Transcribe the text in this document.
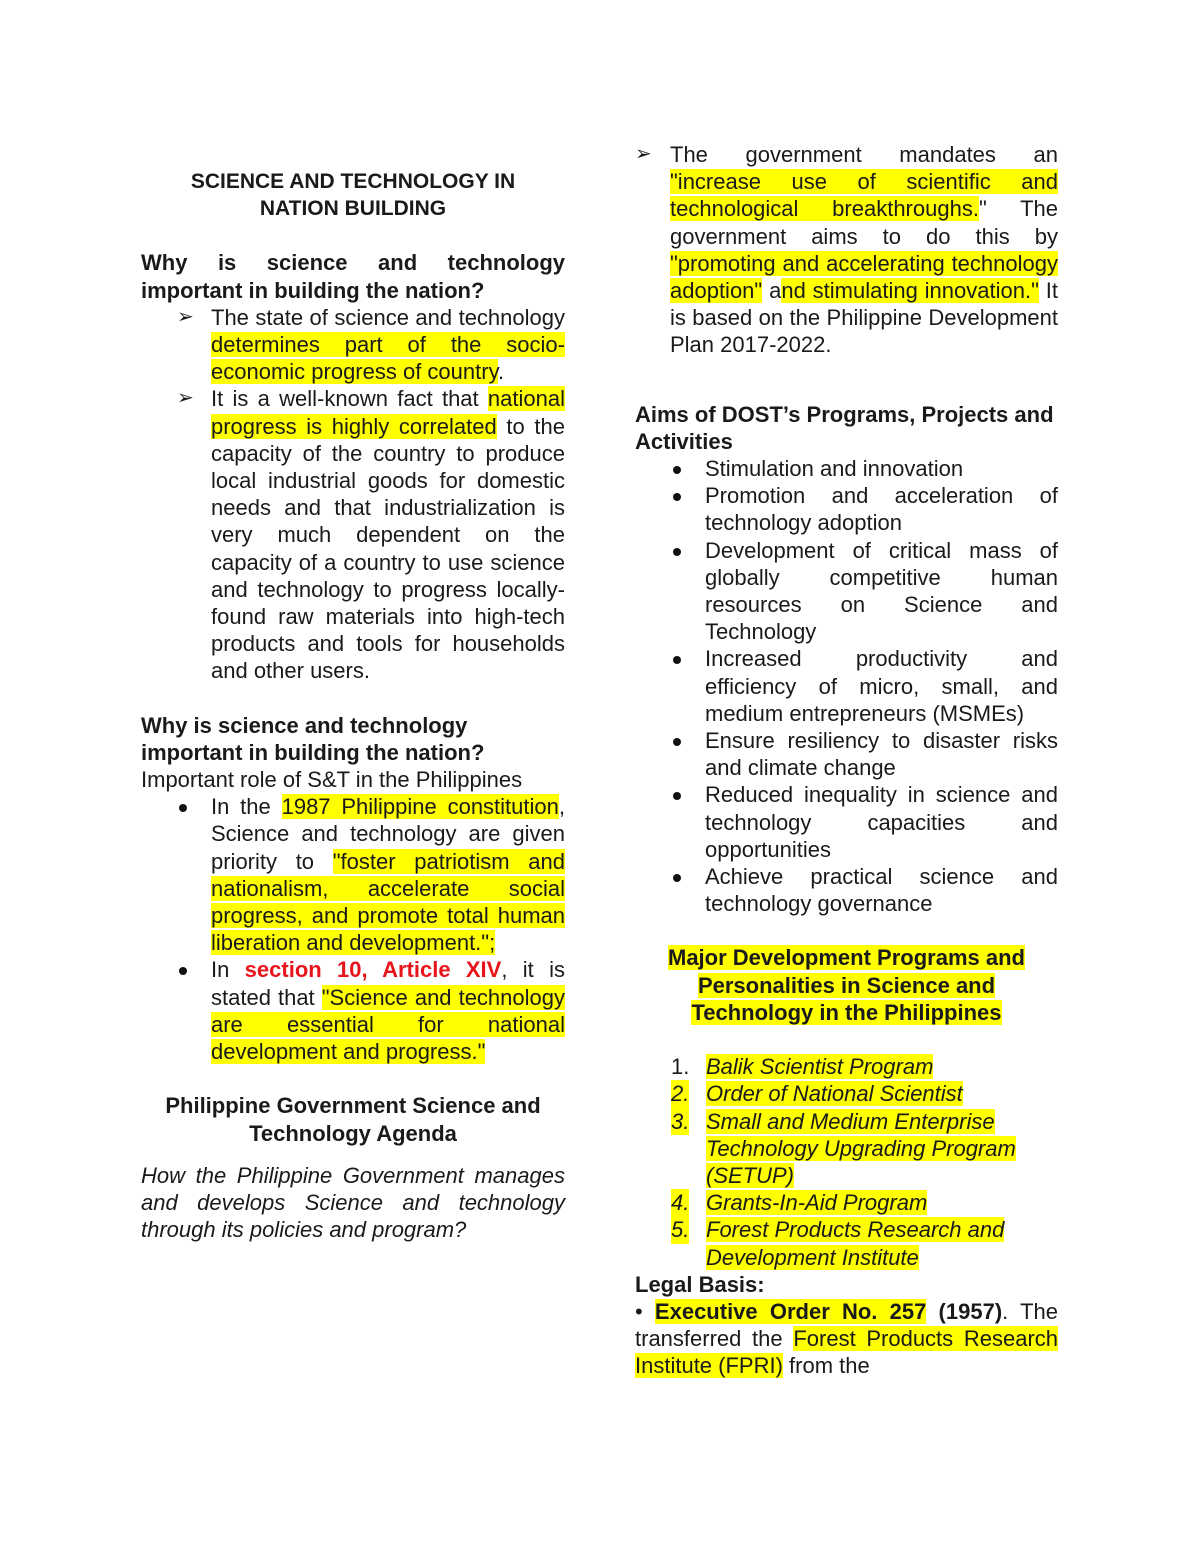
SCIENCE AND TECHNOLOGY IN
NATION BUILDING

Why is science and technology important in building the nation?

➢ The state of science and technology determines part of the socio-economic progress of country.
➢ It is a well-known fact that national progress is highly correlated to the capacity of the country to produce local industrial goods for domestic needs and that industrialization is very much dependent on the capacity of a country to use science and technology to progress locally-found raw materials into high-tech products and tools for households and other users.

Why is science and technology
important in building the nation?

Important role of S&T in the Philippines

In the 1987 Philippine constitution, Science and technology are given priority to "foster patriotism and nationalism, accelerate social progress, and promote total human liberation and development.";
In section 10, Article XIV, it is stated that "Science and technology are essential for national development and progress."

Philippine Government Science and
Technology Agenda

How the Philippine Government manages and develops Science and technology through its policies and program?

➢ The government mandates an "increase use of scientific and technological breakthroughs." The government aims to do this by "promoting and accelerating technology adoption" and stimulating innovation." It is based on the Philippine Development Plan 2017-2022.

Aims of DOST’s Programs, Projects and Activities

Stimulation and innovation
Promotion and acceleration of technology adoption
Development of critical mass of globally competitive human resources on Science and Technology
Increased productivity and efficiency of micro, small, and medium entrepreneurs (MSMEs)
Ensure resiliency to disaster risks and climate change
Reduced inequality in science and technology capacities and opportunities
Achieve practical science and technology governance

Major Development Programs and
Personalities in Science and
Technology in the Philippines

1. Balik Scientist Program
2. Order of National Scientist
3. Small and Medium Enterprise Technology Upgrading Program (SETUP)
4. Grants-In-Aid Program
5. Forest Products Research and Development Institute

Legal Basis:

• Executive Order No. 257 (1957). The transferred the Forest Products Research Institute (FPRI) from the
